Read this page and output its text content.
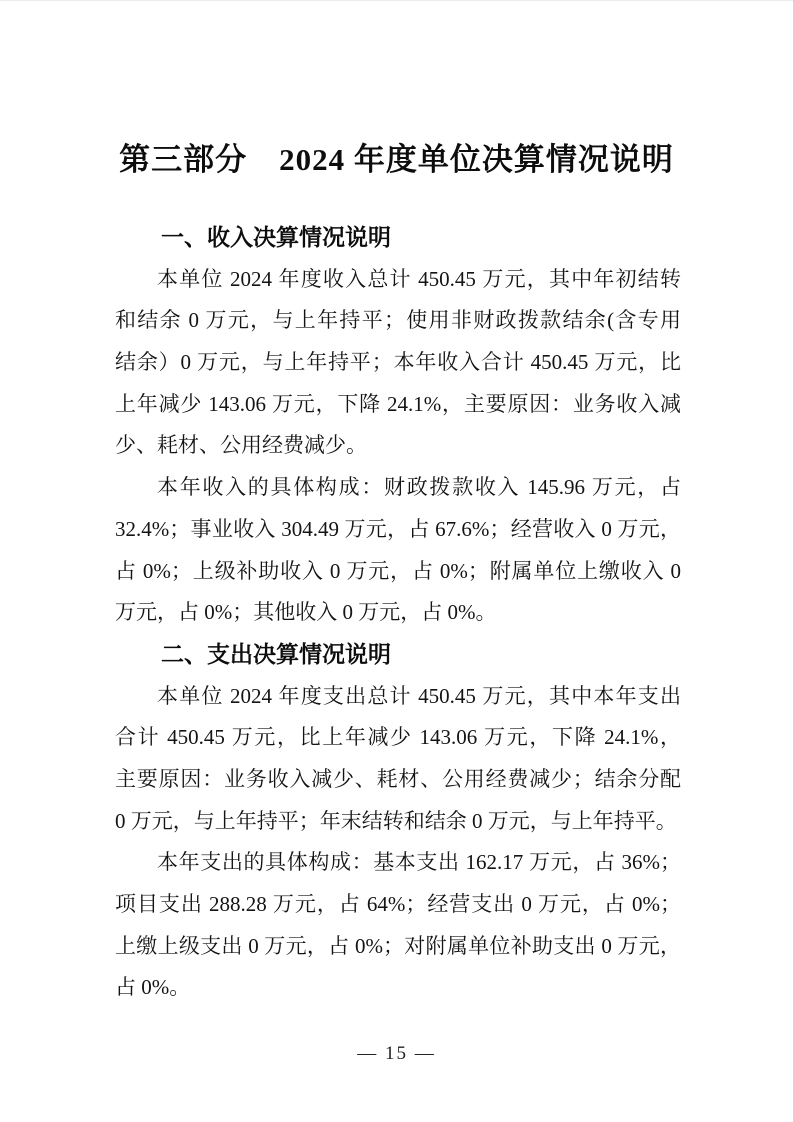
第三部分　2024 年度单位决算情况说明
一、收入决算情况说明
本单位 2024 年度收入总计 450.45 万元，其中年初结转
和结余 0 万元，与上年持平；使用非财政拨款结余(含专用
结余）0 万元，与上年持平；本年收入合计 450.45 万元，比
上年减少 143.06 万元，下降 24.1%，主要原因：业务收入减
少、耗材、公用经费减少。
本年收入的具体构成：财政拨款收入 145.96 万元，占
32.4%；事业收入 304.49 万元，占 67.6%；经营收入 0 万元，
占 0%；上级补助收入 0 万元，占 0%；附属单位上缴收入 0
万元，占 0%；其他收入 0 万元，占 0%。
二、支出决算情况说明
本单位 2024 年度支出总计 450.45 万元，其中本年支出
合计 450.45 万元，比上年减少 143.06 万元，下降 24.1%，
主要原因：业务收入减少、耗材、公用经费减少；结余分配
0 万元，与上年持平；年末结转和结余 0 万元，与上年持平。
本年支出的具体构成：基本支出 162.17 万元，占 36%；
项目支出 288.28 万元，占 64%；经营支出 0 万元，占 0%；
上缴上级支出 0 万元，占 0%；对附属单位补助支出 0 万元，
占 0%。
— 15 —
